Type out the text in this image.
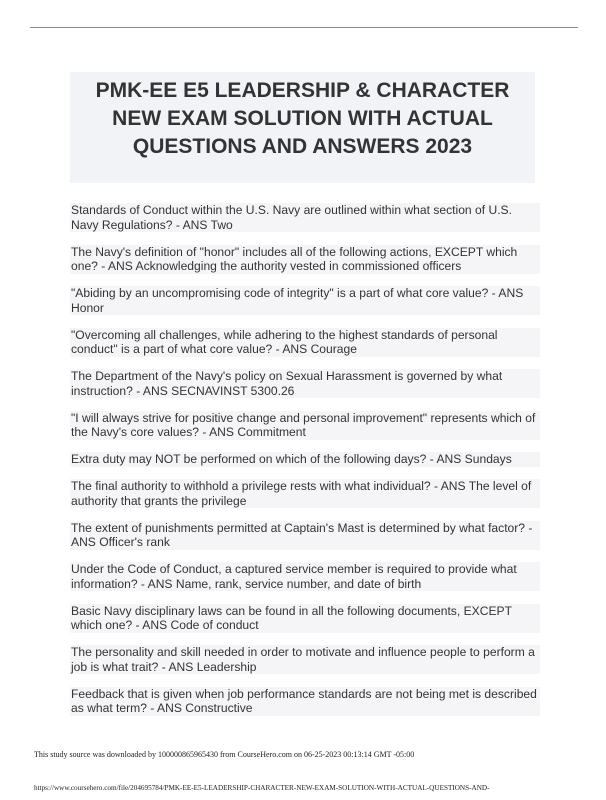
PMK-EE E5 LEADERSHIP & CHARACTER NEW EXAM SOLUTION WITH ACTUAL QUESTIONS AND ANSWERS 2023

Standards of Conduct within the U.S. Navy are outlined within what section of U.S. Navy Regulations? - ANS Two

The Navy's definition of "honor" includes all of the following actions, EXCEPT which one? - ANS Acknowledging the authority vested in commissioned officers

"Abiding by an uncompromising code of integrity" is a part of what core value? - ANS Honor

"Overcoming all challenges, while adhering to the highest standards of personal conduct" is a part of what core value? - ANS Courage

The Department of the Navy's policy on Sexual Harassment is governed by what instruction? - ANS SECNAVINST 5300.26

"I will always strive for positive change and personal improvement" represents which of the Navy's core values? - ANS Commitment

Extra duty may NOT be performed on which of the following days? - ANS Sundays

The final authority to withhold a privilege rests with what individual? - ANS The level of authority that grants the privilege

The extent of punishments permitted at Captain's Mast is determined by what factor? - ANS Officer's rank

Under the Code of Conduct, a captured service member is required to provide what information? - ANS Name, rank, service number, and date of birth

Basic Navy disciplinary laws can be found in all the following documents, EXCEPT which one? - ANS Code of conduct

The personality and skill needed in order to motivate and influence people to perform a job is what trait? - ANS Leadership

Feedback that is given when job performance standards are not being met is described as what term? - ANS Constructive

This study source was downloaded by 100000865965430 from CourseHero.com on 06-25-2023 00:13:14 GMT -05:00
https://www.coursehero.com/file/204695784/PMK-EE-E5-LEADERSHIP-CHARACTER-NEW-EXAM-SOLUTION-WITH-ACTUAL-QUESTIONS-AND-
